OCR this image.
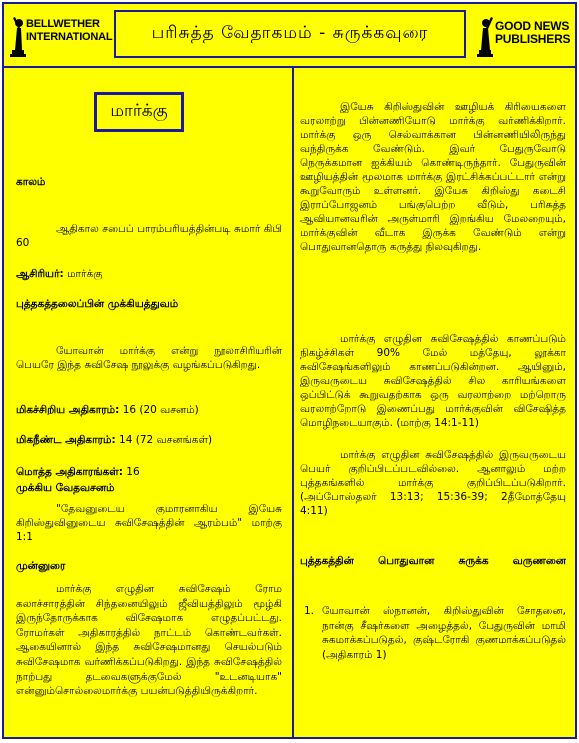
BELLWETHER
INTERNATIONAL பரிசுத்த வேதாகமம் - சுருக்கவுரை	GOOD NEWS
PUBLISHERS
மார்க்கு
காலம்
ஆதிகால சபைப் பாரம்பரியத்தின்படி சுமார் கிபி 60
ஆசிரியர்: மார்க்கு
புத்தகத்தலைப்பின் முக்கியத்துவம்
யோவான் மார்க்கு என்று நூலாசிரியரின் பெயரே இந்த சுவிசேஷ நூலுக்கு வழங்கப்படுகிறது.
மிகச்சிறிய அதிகாரம்: 16 (20 வசனம்)
மிகநீண்ட அதிகாரம்: 14 (72 வசனங்கள்)
மொத்த அதிகாரங்கள்: 16
முக்கிய வேதவசனம்
"தேவனுடைய குமாரனாகிய இயேசு கிறிஸ்துவினுடைய சுவிசேஷத்தின் ஆரம்பம்" மாற்கு 1:1
முன்னுரை
மார்க்கு எழுதின சுவிசேஷம் ரோம கலாச்சாரத்தின் சிந்தனையிலும் ஜீவியத்திலும் மூழ்கி இருந்தோருக்காக விசேஷமாக எழுதப்பட்டது. ரோமர்கள் அதிகாரத்தில் நாட்டம் கொண்டவர்கள். ஆகையினால் இந்த சுவிசேஷமானது செயல்படும் சுவிசேஷமாக வர்ணிக்கப்படுகிறது. இந்த சுவிசேஷத்தில் நாற்பது தடவைகளுக்குமேல் "உடனடியாக" என்னும்சொல்லைமார்க்கு பயன்படுத்தியிருக்கிறார்.
இயேசு கிறிஸ்துவின் ஊழியக் கிரியைகளை வரலாற்று பின்னணியோடு மார்க்கு வர்ணிக்கிறார். மார்க்கு ஒரு செல்வாக்கான பின்னணியிலிருந்து வந்திருக்க வேண்டும். இவர் பேதுருவோடு நெருக்கமான ஐக்கியம் கொண்டிருந்தார். பேதுருவின் ஊழியத்தின் மூலமாக மார்க்கு இரட்சிக்கப்பட்டார் என்று கூறுவோரும் உள்ளனர். இயேசு கிறிஸ்து கடைசி இராப்போஜனம் பங்குபெற்ற வீடும், பரிசுத்த ஆவியானவரின் அருள்மாரி இறங்கிய மேலறையும், மார்க்குவின் வீடாக இருக்க வேண்டும் என்று பொதுவானதொரு கருத்து நிலவுகிறது.
மார்க்கு எழுதின சுவிசேஷத்தில் காணப்படும் நிகழ்ச்சிகள் 90% மேல் மத்தேயு, லூக்கா சுவிசேஷங்களிலும் காணப்படுகின்றன. ஆயினும், இருவருடைய சுவிசேஷத்தில் சில காரியங்களை ஒப்பிட்டுக் கூறுவதற்காக ஒரு வரலாற்றை மற்றொரு வரலாற்றோடு இணைப்பது மார்க்குவின் விசேஷித்த மொழிநடையாகும். (மாற்கு 14:1-11)
மார்க்கு எழுதின சுவிசேஷத்தில் இருவருடைய பெயர் குறிப்பிடப்படவில்லை. ஆனாலும் மற்ற புத்தகங்களில் மார்க்கு குறிப்பிடப்படுகிறார். (அப்போஸ்தலர் 13:13; 15:36-39; 2தீமோத்தேயு 4:11)
புத்தகத்தின் பொதுவான சுருக்க வருணனை
1. யோவான் ஸ்நானன், கிறிஸ்துவின் சோதனை, நான்கு சீஷர்களை அழைத்தல், பேதுருவின் மாமி சுகமாக்கப்படுதல், குஷ்டரோகி குணமாக்கப்படுதல் (அதிகாரம் 1)
